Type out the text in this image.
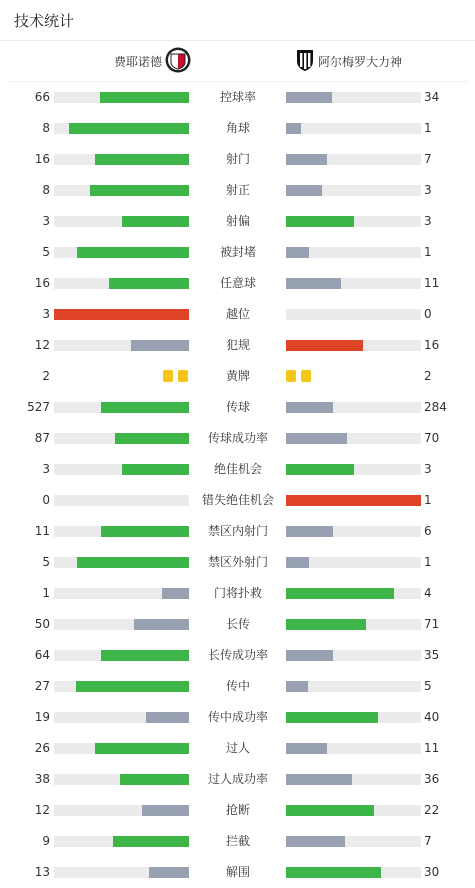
技术统计
费耶诺德	阿尔梅罗大力神
66	控球率	34
8	角球	1
16	射门	7
8	射正	3
3	射偏	3
5	被封堵	1
16	任意球	11
3	越位	0
12	犯规	16
2	黄牌	2
527	传球	284
87	传球成功率	70
3	绝佳机会	3
0	错失绝佳机会	1
11	禁区内射门	6
5	禁区外射门	1
1	门将扑救	4
50	长传	71
64	长传成功率	35
27	传中	5
19	传中成功率	40
26	过人	11
38	过人成功率	36
12	抢断	22
9	拦截	7
13	解围	30
